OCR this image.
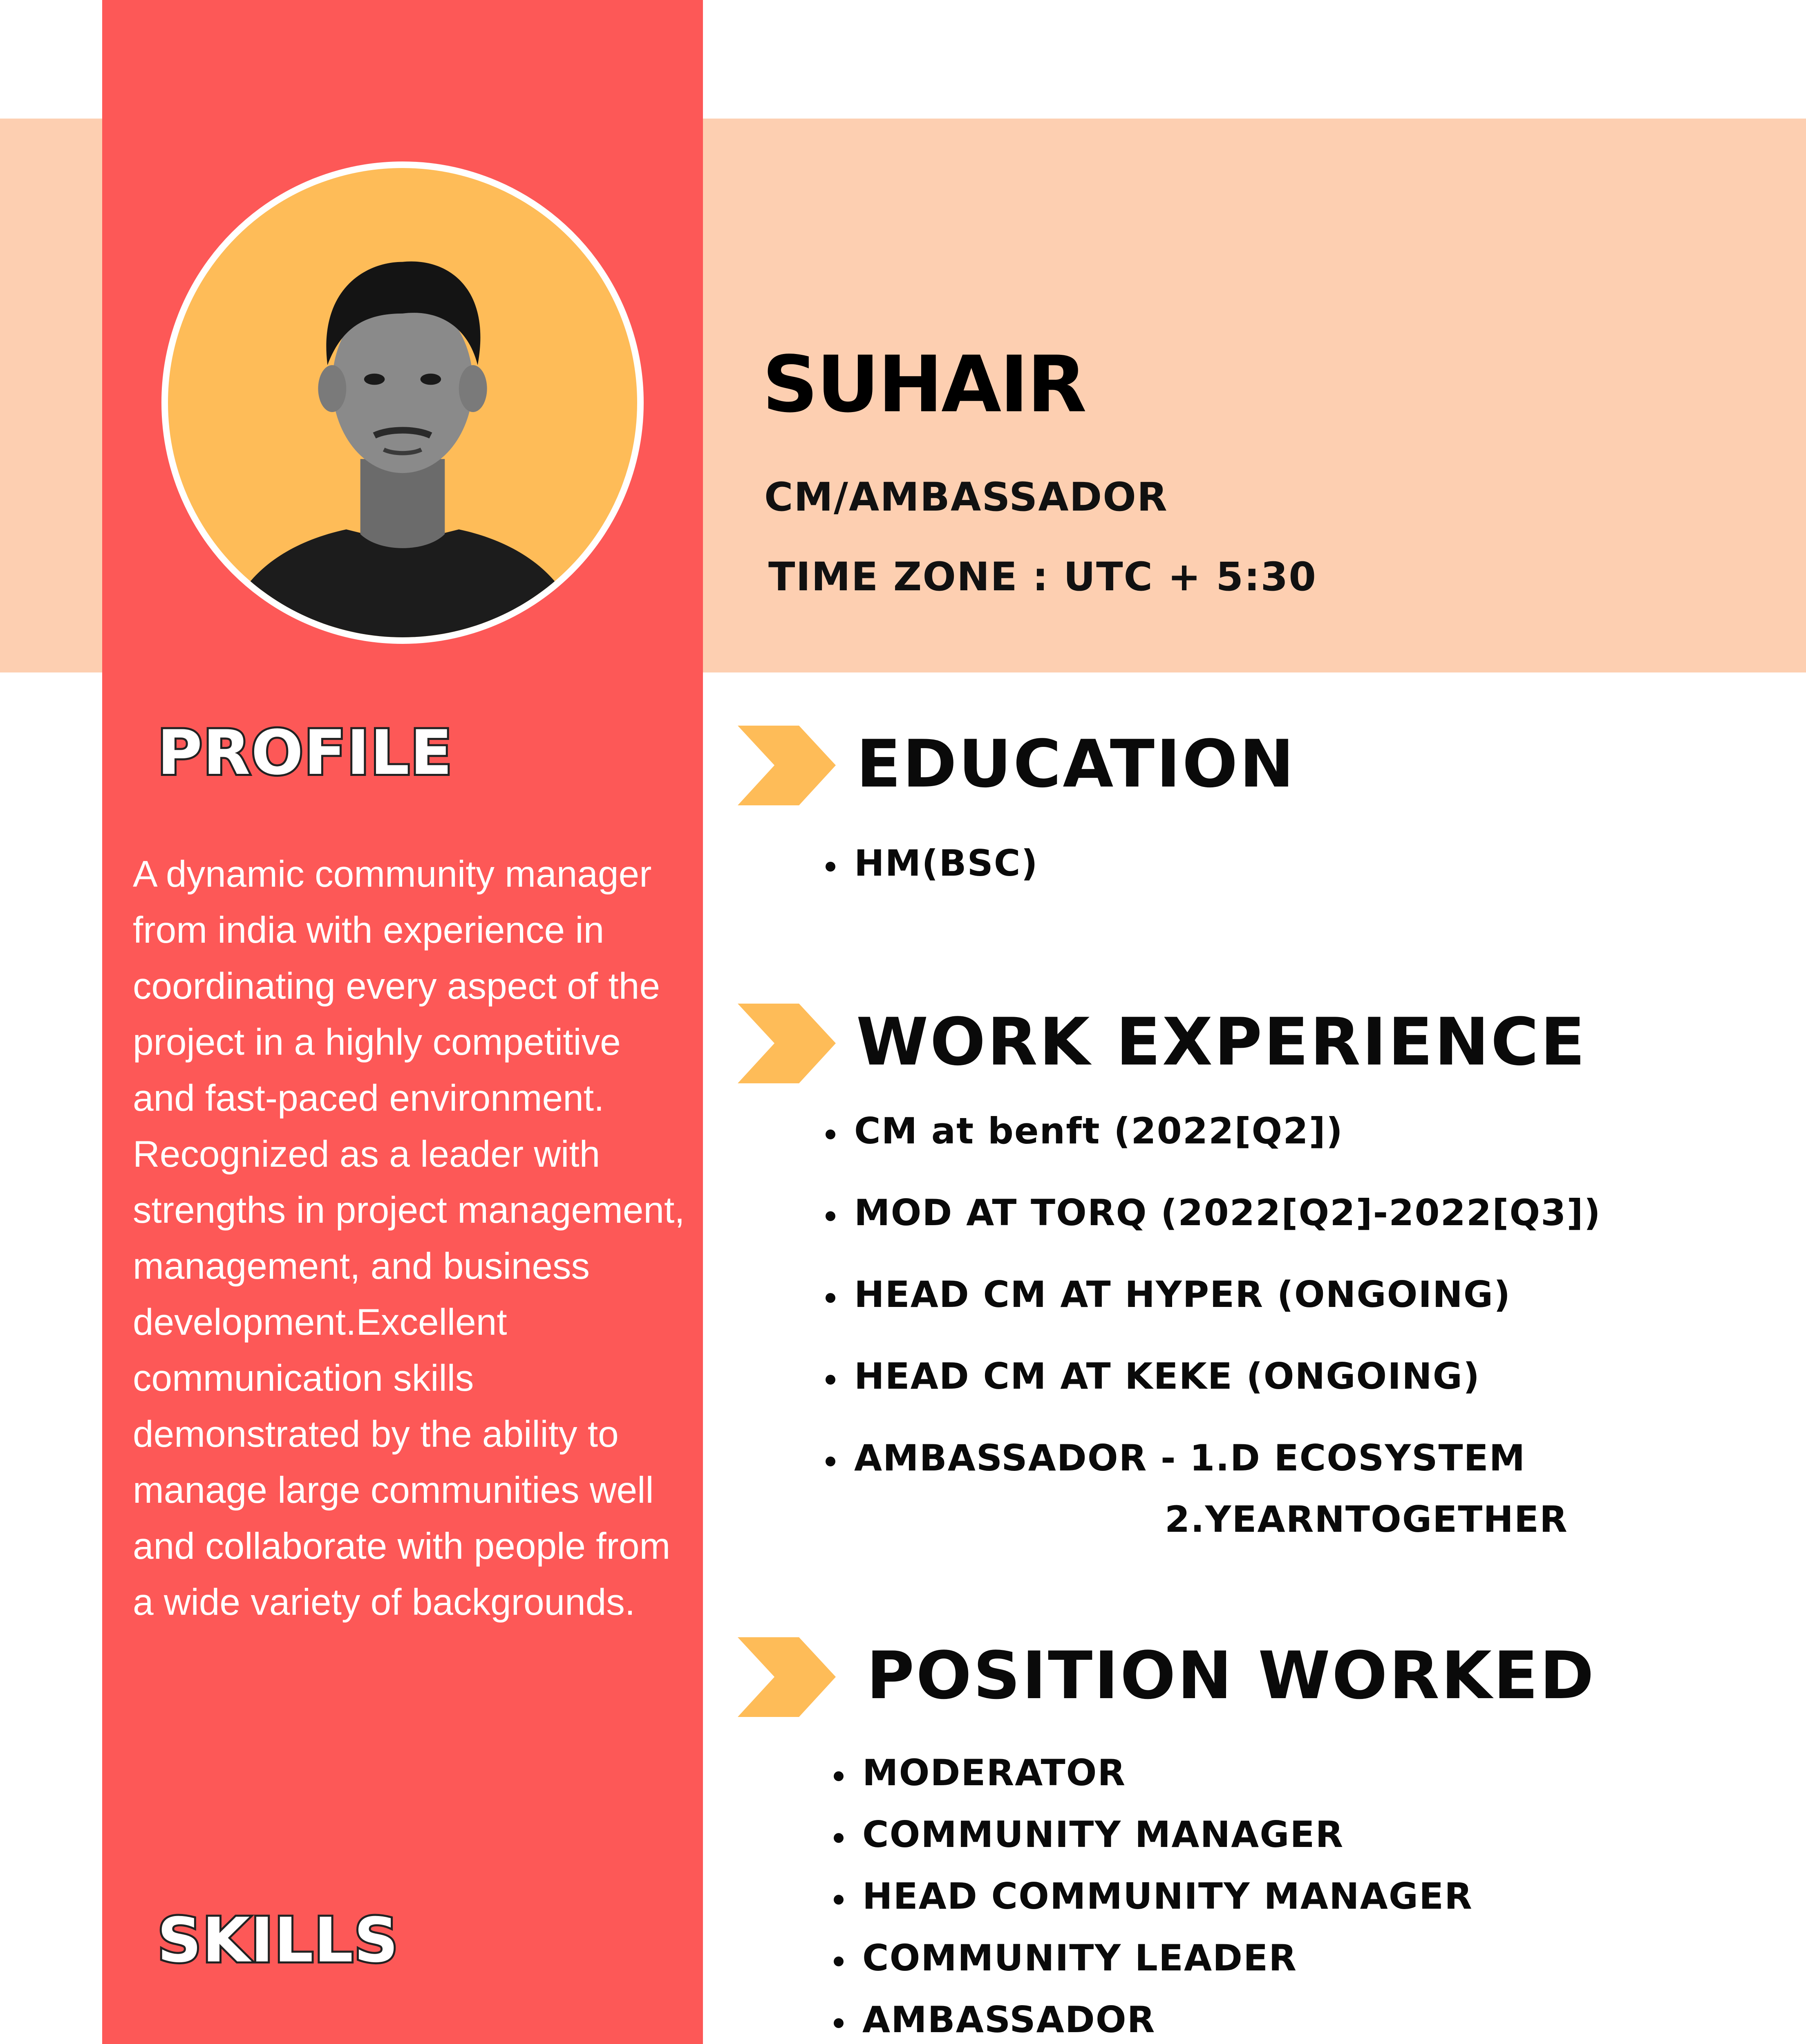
SUHAIR
CM/AMBASSADOR
TIME ZONE : UTC + 5:30
PROFILE

A dynamic community manager from india with experience in coordinating every aspect of the project in a highly competitive and fast-paced environment. Recognized as a leader with strengths in project management, management, and business development.Excellent communication skills demonstrated by the ability to manage large communities well and collaborate with people from a wide variety of backgrounds.

SKILLS
EDUCATION
HM(BSC)
WORK EXPERIENCE
CM at benft (2022[Q2])
MOD AT TORQ (2022[Q2]-2022[Q3])
HEAD CM AT HYPER (ONGOING)
HEAD CM AT KEKE (ONGOING)
AMBASSADOR - 1.D ECOSYSTEM
2.YEARNTOGETHER
POSITION WORKED
MODERATOR
COMMUNITY MANAGER
HEAD COMMUNITY MANAGER
COMMUNITY LEADER
AMBASSADOR
